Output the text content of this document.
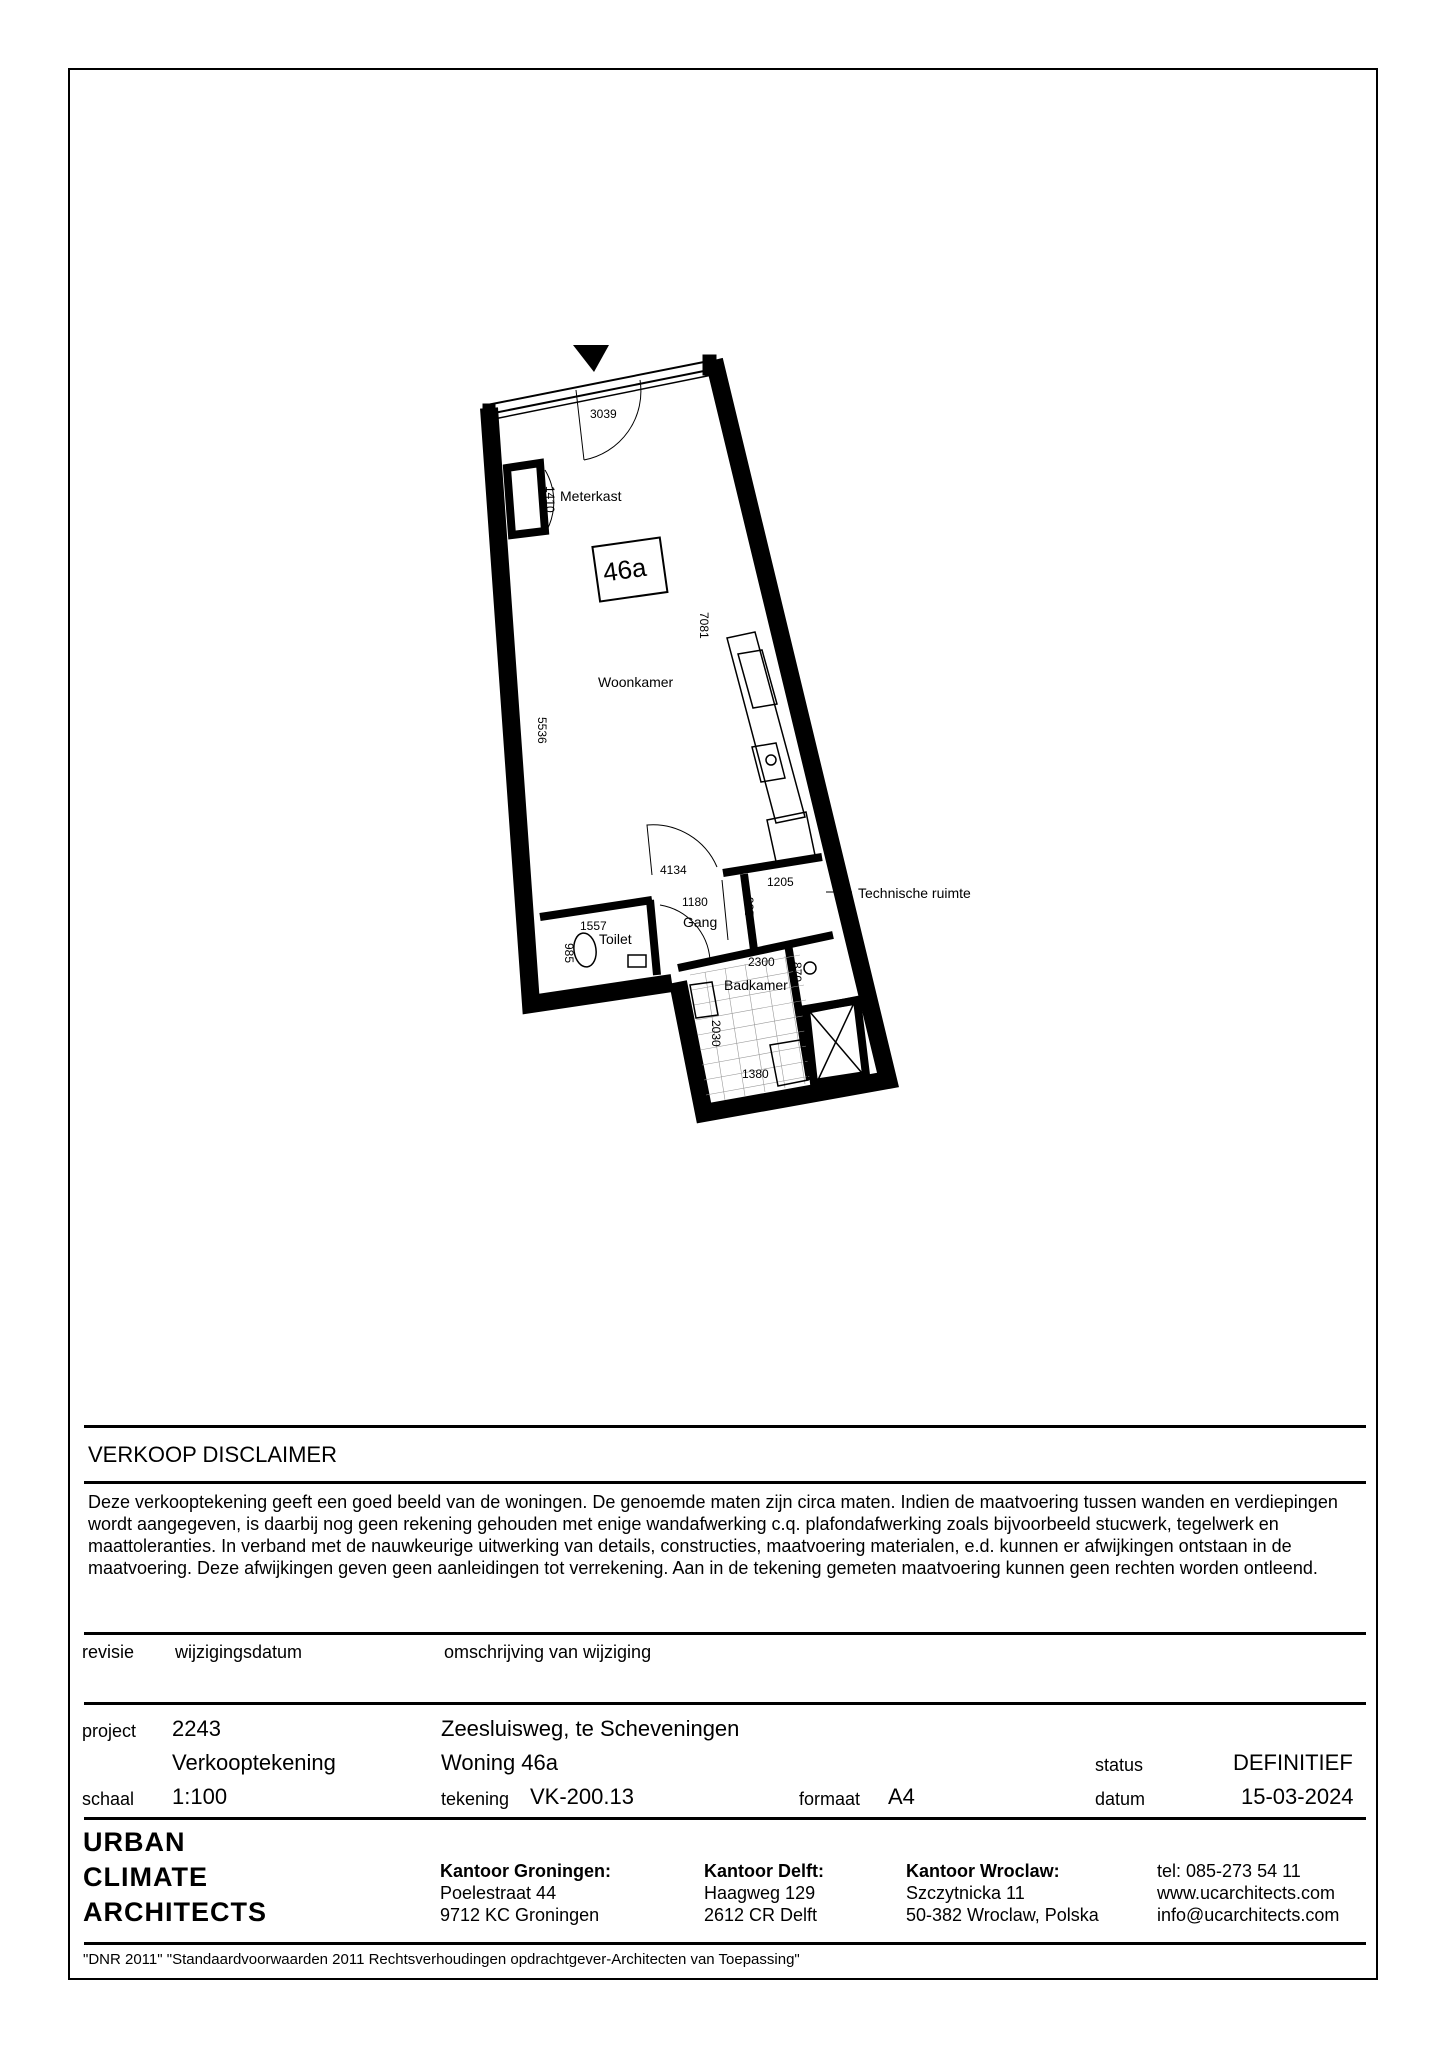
Meterkast
46a
Woonkamer
Technische ruimte
Toilet
Gang
Badkamer
3039
1410
7081
5536
4134
1205
1180	985
1557
985	2300 870
2030
1380
VERKOOP DISCLAIMER
Deze verkooptekening geeft een goed beeld van de woningen. De genoemde maten zijn circa maten. Indien de maatvoering tussen wanden en verdiepingen wordt aangegeven, is daarbij nog geen rekening gehouden met enige wandafwerking c.q. plafondafwerking zoals bijvoorbeeld stucwerk, tegelwerk en maattoleranties. In verband met de nauwkeurige uitwerking van details, constructies, maatvoering materialen, e.d. kunnen er afwijkingen ontstaan in de maatvoering. Deze afwijkingen geven geen aanleidingen tot verrekening. Aan in de tekening gemeten maatvoering kunnen geen rechten worden ontleend.
revisie wijzigingsdatum	omschrijving van wijziging
project 2243	Zeesluisweg, te Scheveningen
Verkooptekening	Woning 46a	status	DEFINITIEF
schaal 1:100	tekening VK-200.13	formaat A4	datum	15-03-2024
URBAN
CLIMATE
ARCHITECTS
Kantoor Groningen:
Poelestraat 44
9712 KC Groningen
Kantoor Delft:
Haagweg 129
2612 CR Delft
Kantoor Wroclaw:
Szczytnicka 11
50-382 Wroclaw, Polska
tel: 085-273 54 11
www.ucarchitects.com
info@ucarchitects.com
"DNR 2011" "Standaardvoorwaarden 2011 Rechtsverhoudingen opdrachtgever-Architecten van Toepassing"
